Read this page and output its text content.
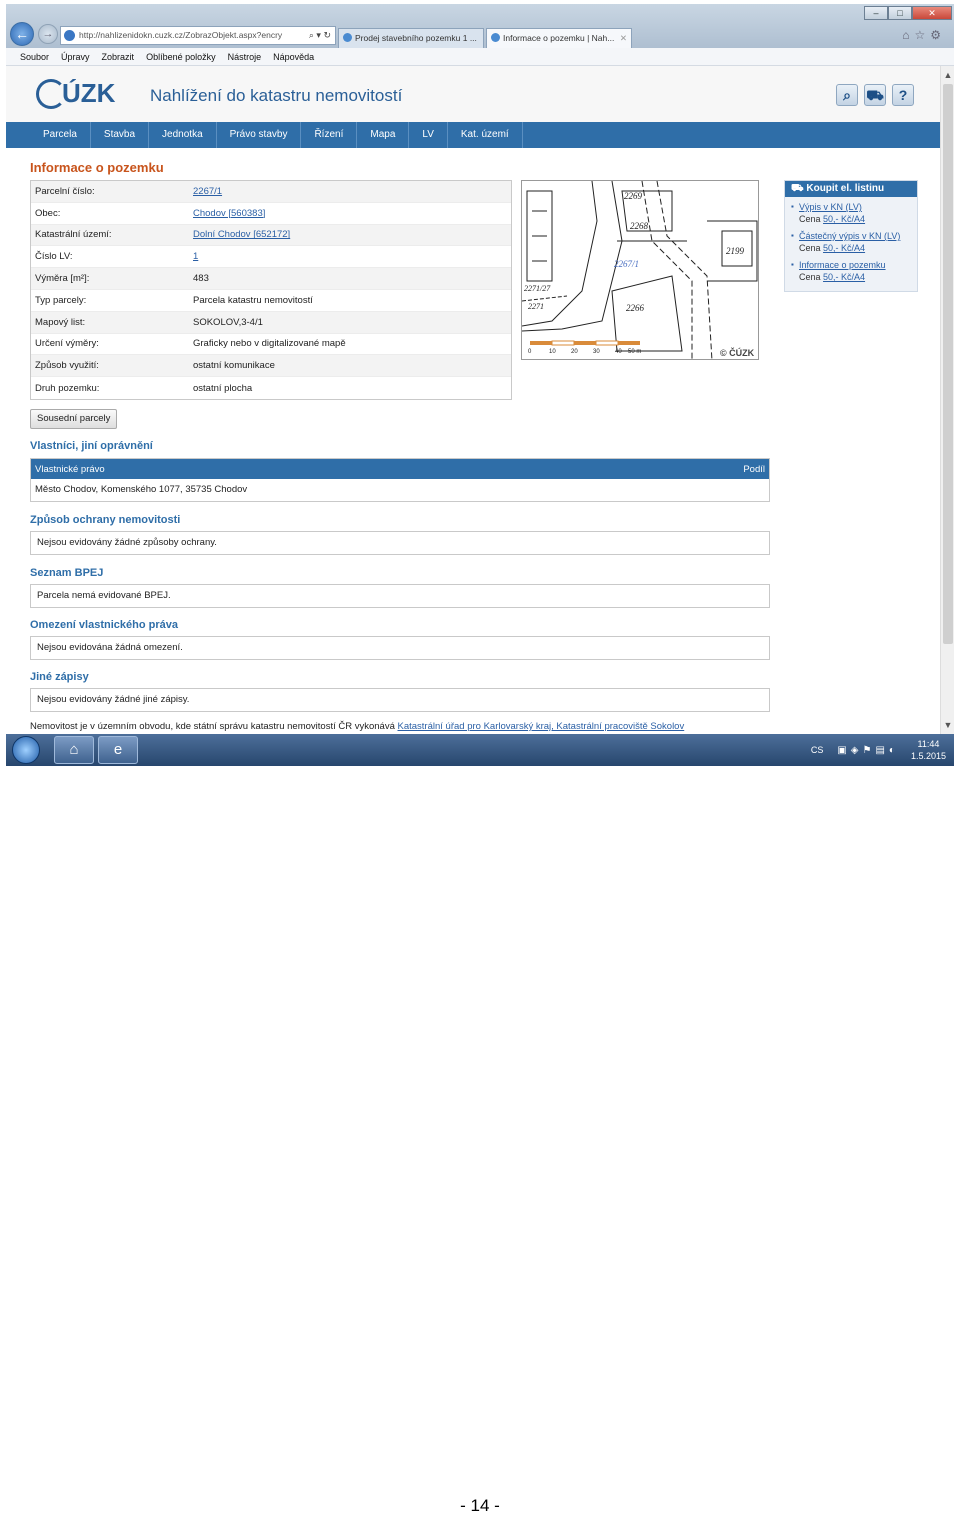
–	□	✕
←	→	http://nahlizenidokn.cuzk.cz/ZobrazObjekt.aspx?encry	⌕ ▾ ↻	Prodej stavebního pozemku 1 ...	Informace o pozemku | Nah... ✕	⌂☆⚙
Soubor Úpravy Zobrazit Oblíbené položky Nástroje Nápověda
ÚZK Nahlížení do katastru nemovitostí	⌕	⛟	?
Parcela	Stavba	Jednotka	Právo stavby	Řízení	Mapa	LV	Kat. území
Informace o pozemku
Parcelní číslo:	2267/1
Obec:	Chodov [560383]
Katastrální území:	Dolní Chodov [652172]
Číslo LV:	1
Výměra [m²]:	483
Typ parcely:	Parcela katastru nemovitostí
Mapový list:	SOKOLOV,3-4/1
Určení výměry:	Graficky nebo v digitalizované mapě
Způsob využití:	ostatní komunikace
Druh pozemku:	ostatní plocha
2269
2268
2267/1
2199
2266
2271/27
2271
0	10	20	30	40 50 m	© ČÚZK
⛟ Koupit el. listinu
▪ Výpis v KN (LV)
Cena 50,- Kč/A4
▪ Částečný výpis v KN (LV)
Cena 50,- Kč/A4
▪ Informace o pozemku
Cena 50,- Kč/A4
Sousední parcely
Vlastníci, jiní oprávnění
Vlastnické právo	Podíl
Město Chodov, Komenského 1077, 35735 Chodov
Způsob ochrany nemovitosti
Nejsou evidovány žádné způsoby ochrany.
Seznam BPEJ
Parcela nemá evidované BPEJ.
Omezení vlastnického práva
Nejsou evidována žádná omezení.
Jiné zápisy
Nejsou evidovány žádné jiné zápisy.
Nemovitost je v územním obvodu, kde státní správu katastru nemovitostí ČR vykonává Katastrální úřad pro Karlovarský kraj, Katastrální pracoviště Sokolov
▲
▼
⌂	e	CS ▣◈⚑▤◐
11:44
1.5.2015
- 14 -
